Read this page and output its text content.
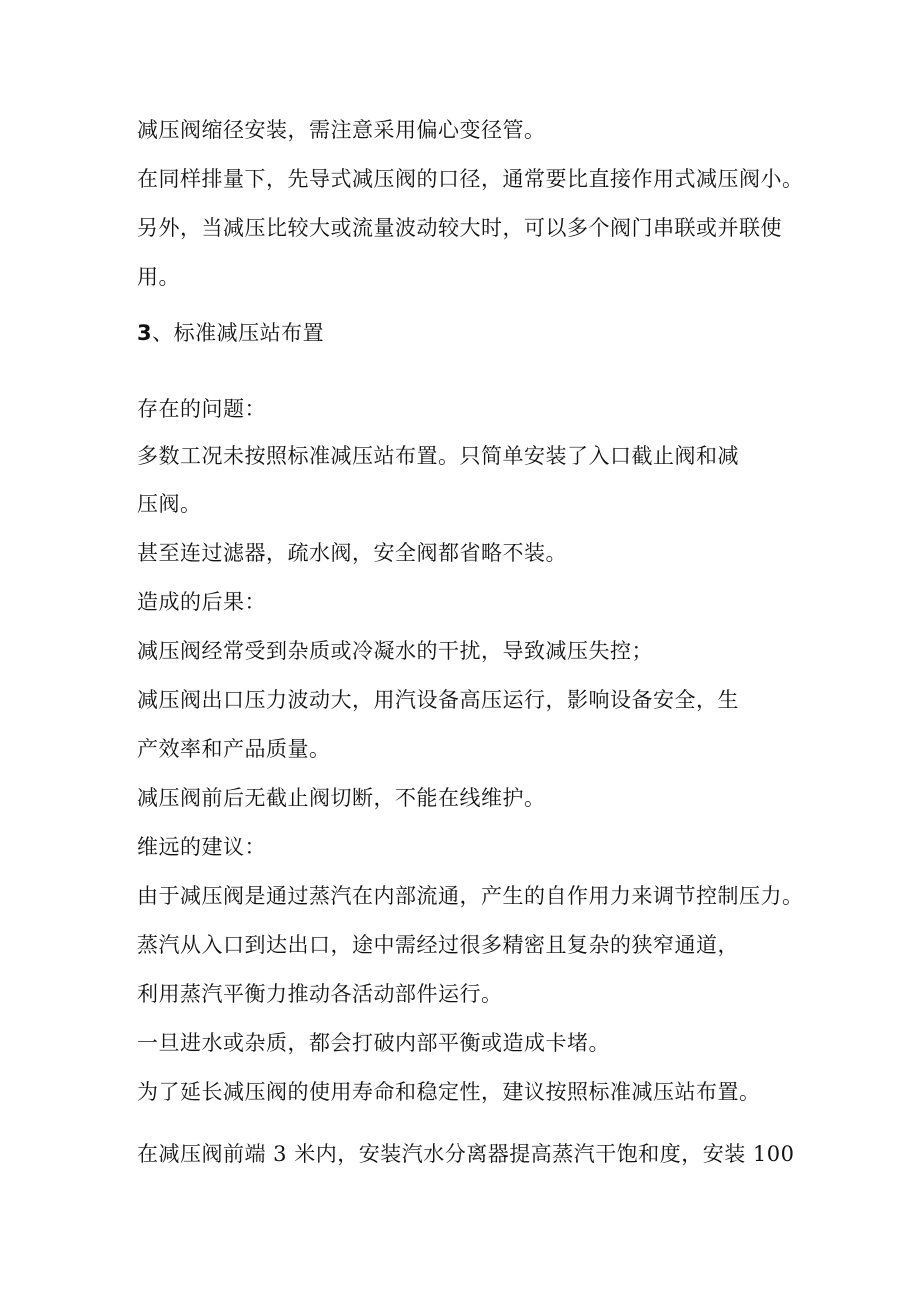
减压阀缩径安装，需注意采用偏心变径管。
在同样排量下，先导式减压阀的口径，通常要比直接作用式减压阀小。
另外，当减压比较大或流量波动较大时，可以多个阀门串联或并联使
用。
3、标准减压站布置
存在的问题：
多数工况未按照标准减压站布置。只简单安装了入口截止阀和减
压阀。
甚至连过滤器，疏水阀，安全阀都省略不装。
造成的后果：
减压阀经常受到杂质或冷凝水的干扰，导致减压失控；
减压阀出口压力波动大，用汽设备高压运行，影响设备安全，生
产效率和产品质量。
减压阀前后无截止阀切断，不能在线维护。
维远的建议：
由于减压阀是通过蒸汽在内部流通，产生的自作用力来调节控制压力。
蒸汽从入口到达出口，途中需经过很多精密且复杂的狭窄通道，
利用蒸汽平衡力推动各活动部件运行。
一旦进水或杂质，都会打破内部平衡或造成卡堵。
为了延长减压阀的使用寿命和稳定性，建议按照标准减压站布置。
在减压阀前端 3 米内，安装汽水分离器提高蒸汽干饱和度，安装 100
